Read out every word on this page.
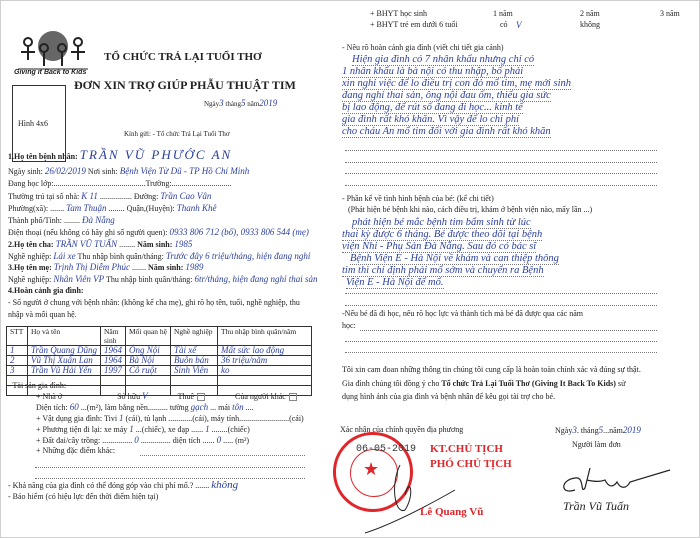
Giving it Back to Kids
TỔ CHỨC TRẢ LẠI TUỔI THƠ
ĐƠN XIN TRỢ GIÚP PHẪU THUẬT TIM
Hình 4x6
Ngày3 tháng5 năm2019
Kính gửi: - Tổ chức Trả Lại Tuổi Thơ
1.Họ tên bệnh nhân: TRẦN VŨ PHƯỚC AN
Ngày sinh: 26/02/2019 Nơi sinh: Bệnh Viện Từ Dũ - TP Hồ Chí Minh
Đang học lớp:..............................................Trường:..............................
Thường trú tại số nhà: K 11 ................ Đường: Trần Cao Vân
Phường(xã): ....... Tam Thuận ........ Quận,(Huyện): Thanh Khê
Thành phố/Tỉnh: ........ Đà Nẵng
Điện thoại (nếu không có hãy ghi số người quen): 0933 806 712 (bố), 0933 806 544 (mẹ)
2.Họ tên cha: TRẦN VŨ TUẤN ........ Năm sinh: 1985
Nghề nghiệp: Lái xe Thu nhập bình quân/tháng: Trước đây 6 triệu/tháng, hiện đang nghỉ
3.Họ tên mẹ: Trịnh Thị Diễm Phúc ....... Năm sinh: 1989
Nghề nghiệp: Nhân Viên VP Thu nhập bình quân/tháng: 6tr/tháng, hiện đang nghỉ thai sản
4.Hoàn cảnh gia đình:
- Số người ở chung với bệnh nhân: (không kể cha mẹ), ghi rõ họ tên, tuổi, nghề nghiệp, thu
nhập và mối quan hệ.
STT	Họ và tên	Năm sinh	Mối quan hệ	Nghề nghiệp	Thu nhập bình quân/năm
1	Trần Quang Dũng	1964	Ông Nội	Tài xế	Mất sức lao động
2	Vũ Thị Xuân Lan	1964	Bà Nội	Buôn bán	36 triệu/năm
3	Trần Vũ Hải Yến	1997	Cô ruột	Sinh Viên	ko

- Tài sản gia đình:
+ Nhà ở	Sở hữu V	Thuê	Của người khác
Diện tích: 60 ...(m²), làm bằng nền.......... tường gạch ... mái tôn ....
+ Vật dụng gia đình: Tivi 1 (cái), tủ lạnh ............(cái), máy tính.........................(cái)
+ Phương tiện đi lại: xe máy 1 ...(chiếc), xe đạp ...... 1 ........(chiếc)
+ Đất đai/cây trồng: ............... 0 ............... diện tích ...... 0 ..... (m²)
+ Những đặc điểm khác:
- Khả năng của gia đình có thể đóng góp vào chi phí mổ.? ....... không
- Bảo hiểm (có hiệu lực đến thời điểm hiện tại)
+ BHYT học sinh	1 năm	2 năm	3 năm
+ BHYT trẻ em dưới 6 tuổi	có V	không
- Nêu rõ hoàn cảnh gia đình (viết chi tiết gia cảnh)
Hiện gia đình có 7 nhân khẩu nhưng chỉ có
1 nhân khẩu là bà nội có thu nhập, bố phải
xin nghỉ việc để lo điều trị con đỏ mổ tim, mẹ mới sinh
đang nghỉ thai sản, ông nội đau ốm, thiếu gia sức
bị lao động, để rút số đang đi học... kinh tế
gia đình rất khó khăn. Vì vậy để lo chi phí
cho cháu An mổ tim đối với gia đình rất khó khăn
- Phần kể về tình hình bệnh của bé: (kể chi tiết)
(Phát hiện bé bệnh khi nào, cách điều trị, khám ở bệnh viện nào, mấy lần ...)
phát hiện bé mắc bệnh tim bẩm sinh từ lúc
thai kỳ được 6 tháng. Bé được theo dõi tại bệnh
viện Nhi - Phụ Sản Đà Nẵng. Sau đó có bác sĩ
Bệnh Viện E - Hà Nội về khám và can thiệp thông
tim thì chỉ định phải mổ sớm và chuyển ra Bệnh
Viện E - Hà Nội để mổ.
-Nếu bé đã đi học, nêu rõ học lực và thành tích mà bé đã được qua các năm
học:
Tôi xin cam đoan những thông tin chúng tôi cung cấp là hoàn toàn chính xác và đúng sự thật.
Gia đình chúng tôi đồng ý cho Tổ chức Trả Lại Tuổi Thơ (Giving It Back To Kids) sử
dụng hình ảnh của gia đình và bệnh nhân để kêu gọi tài trợ cho bé.
Xác nhận của chính quyền địa phương	Ngày3. tháng5...năm2019
Người làm đơn
★
06-05-2019 KT.CHỦ TỊCH
PHÓ CHỦ TỊCH
Lê Quang Vũ	Trần Vũ Tuấn
